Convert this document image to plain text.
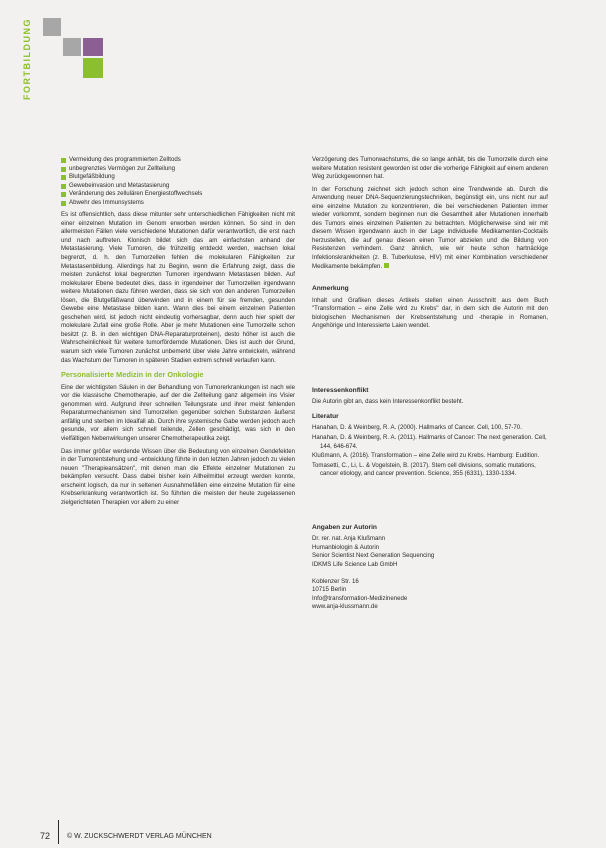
FORTBILDUNG
Vermeidung des programmierten Zelltods
unbegrenztes Vermögen zur Zellteilung
Blutgefäßbildung
Gewebeinvasion und Metastasierung
Veränderung des zellulären Energiestoffwechsels
Abwehr des Immunsystems

Es ist offensichtlich, dass diese mitunter sehr unterschiedlichen Fähigkeiten nicht mit einer einzelnen Mutation im Genom erworben werden können. So sind in den allermeisten Fällen viele verschiedene Mutationen dafür verantwortlich, die erst nach und nach auftreten. Klonisch bildet sich das am einfachsten anhand der Metastasierung. Viele Tumoren, die frühzeitig entdeckt werden, wachsen lokal begrenzt, d. h. den Tumorzellen fehlen die molekularen Fähigkeiten zur Metastasenbildung. Allerdings hat zu Beginn, wenn die Erfahrung zeigt, dass die meisten zunächst lokal begrenzten Tumoren irgendwann Metastasen bilden. Auf molekularer Ebene bedeutet dies, dass in irgendeiner der Tumorzellen irgendwann weitere Mutationen dazu führen werden, dass sie sich von den anderen Tumorzellen lösen, die Blutgefäßwand überwinden und in einem für sie fremden, gesunden Gewebe eine Metastase bilden kann. Wann dies bei einem einzelnen Patienten geschehen wird, ist jedoch nicht eindeutig vorhersagbar, denn auch hier spielt der molekulare Zufall eine große Rolle. Aber je mehr Mutationen eine Tumorzelle schon besitzt (z. B. in den wichtigen DNA-Reparaturproteinen), desto höher ist auch die Wahrscheinlichkeit für weitere tumorfördernde Mutationen. Dies ist auch der Grund, warum sich viele Tumoren zunächst unbemerkt über viele Jahre entwickeln, während das Wachstum der Tumoren in späteren Stadien extrem schnell verlaufen kann.

Personalisierte Medizin in der Onkologie

Eine der wichtigsten Säulen in der Behandlung von Tumorerkrankungen ist nach wie vor die klassische Chemotherapie, auf der die Zellteilung ganz allgemein ins Visier genommen wird. Aufgrund ihrer schnellen Teilungsrate und ihrer meist fehlenden Reparaturmechanismen sind Tumorzellen gegenüber solchen Substanzen äußerst anfällig und sterben im Idealfall ab. Durch ihre systemische Gabe werden jedoch auch gesunde, vor allem sich schnell teilende, Zellen geschädigt, was sich in den vielfältigen Nebenwirkungen unserer Chemotherapeutika zeigt.

Das immer größer werdende Wissen über die Bedeutung von einzelnen Gendefekten in der Tumorentstehung und -entwicklung führte in den letzten Jahren jedoch zu vielen neuen "Therapieansätzen", mit denen man die Effekte einzelner Mutationen zu bekämpfen versucht. Dass dabei bisher kein Allheilmittel erzeugt werden konnte, erscheint logisch, da nur in seltenen Ausnahmefällen eine einzelne Mutation für eine Krebserkrankung verantwortlich ist. So führten die meisten der heute zugelassenen zielgerichteten Therapien vor allem zu einer

Verzögerung des Tumorwachstums, die so lange anhält, bis die Tumorzelle durch eine weitere Mutation resistent geworden ist oder die vorherige Fähigkeit auf einem anderen Weg zurückgewonnen hat.

In der Forschung zeichnet sich jedoch schon eine Trendwende ab. Durch die Anwendung neuer DNA-Sequenzierungstechniken, begünstigt ein, uns nicht nur auf eine einzelne Mutation zu konzentrieren, die bei verschiedenen Patienten immer wieder vorkommt, sondern beginnen nun die Gesamtheit aller Mutationen innerhalb des Tumors eines einzelnen Patienten zu betrachten. Möglicherweise sind wir mit diesem Wissen irgendwann auch in der Lage individuelle Medikamenten-Cocktails herzustellen, die auf genau diesen einen Tumor abzielen und die Bildung von Resistenzen verhindern. Ganz ähnlich, wie wir heute schon hartnäckige Infektionskrankheiten (z. B. Tuberkulose, HIV) mit einer Kombination verschiedener Medikamente bekämpfen.

Anmerkung

Inhalt und Grafiken dieses Artikels stellen einen Ausschnitt aus dem Buch "Transformation – eine Zelle wird zu Krebs" dar, in dem sich die Autorin mit den biologischen Mechanismen der Krebsentstehung und -therapie in Romanen, Angehörige und Interessierte Laien wendet.

Interessenkonflikt

Die Autorin gibt an, dass kein Interessenkonflikt besteht.

Literatur

Hanahan, D. & Weinberg, R. A. (2000). Hallmarks of Cancer. Cell, 100, 57-70.

Hanahan, D. & Weinberg, R. A. (2011). Hallmarks of Cancer: The next generation. Cell, 144, 646-674.

Klußmann, A. (2016). Transformation – eine Zelle wird zu Krebs. Hamburg: Eudition.

Tomasetti, C., Li, L. & Vogelstein, B. (2017). Stem cell divisions, somatic mutations, cancer etiology, and cancer prevention. Science, 355 (6331), 1330-1334.

Angaben zur Autorin

Dr. rer. nat. Anja Klußmann

Humanbiologin & Autorin

Senior Scientist Next Generation Sequencing

IDKMS Life Science Lab GmbH

Koblenzer Str. 16

10715 Berlin

Info@transformation-Medizinenede

www.anja-klussmann.de

72 © W. ZUCKSCHWERDT VERLAG MÜNCHEN
